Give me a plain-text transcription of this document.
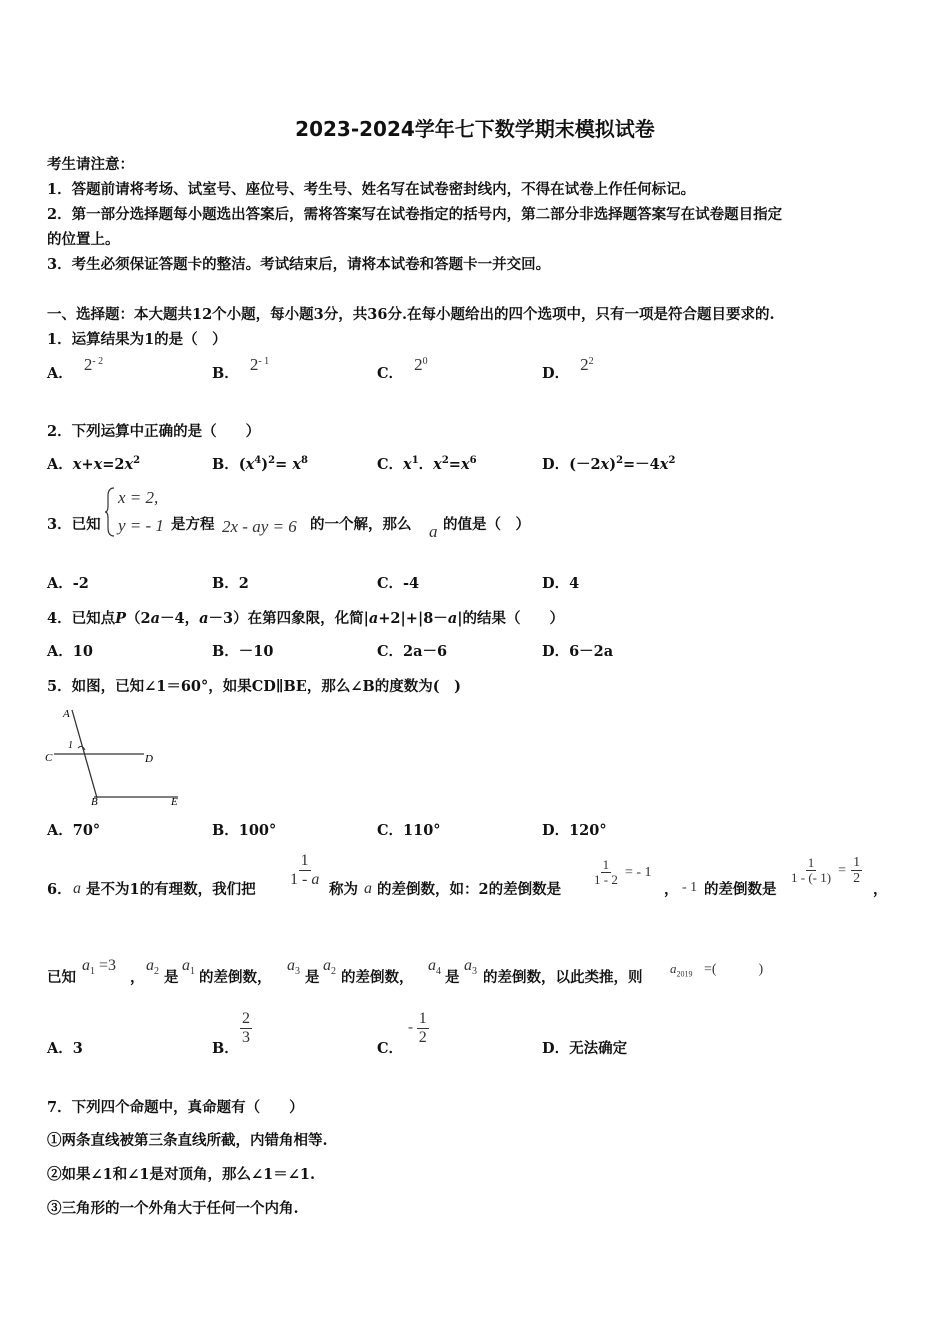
2023-2024学年七下数学期末模拟试卷
考生请注意：
1．答题前请将考场、试室号、座位号、考生号、姓名写在试卷密封线内，不得在试卷上作任何标记。
2．第一部分选择题每小题选出答案后，需将答案写在试卷指定的括号内，第二部分非选择题答案写在试卷题目指定
的位置上。
3．考生必须保证答题卡的整洁。考试结束后，请将本试卷和答题卡一并交回。
一、选择题：本大题共12个小题，每小题3分，共36分.在每小题给出的四个选项中，只有一项是符合题目要求的.
1．运算结果为1的是（　）
A． $2^{- 2}$
B． $2^{- 1}$
C． $2^0$
D． $2^2$
2．下列运算中正确的是（　　）
A．$x+x=2x^2$	B．$(x^4)^2= x^8$	C．$x^1$．$x^2=x^6$	D．$(-2x)^2=-4x^2$
3．已知
x = 2,
y = - 1 是方程 2x - ay = 6 的一个解，那么 a 的值是（　）
A．-2	B．2	C．-4	D．4
4．已知点P（2a－4，a－3）在第四象限，化简|a+2|+|8－a|的结果（　　）
A．10	B．－10	C．2a－6	D．6－2a
5．如图，已知∠1＝60°，如果CD∥BE，那么∠B的度数为(　)
A
1
C	D
B	E
A．70°	B．100°	C．110°	D．120°
6． a 是不为1的有理数，我们把
$\frac{1}{1 - a}$
称为 a 的差倒数，如：2的差倒数是
$\frac{1}{1 - 2}$ = - 1
， - 1 的差倒数是
$\frac{1}{1 - (- 1)} = \frac{1}{2}$
，
已知
$a_1 =3$
，
$a_2$ 是
$a_1$ 的差倒数，
$a_3$ 是
$a_2$ 的差倒数，
$a_4$ 是
$a_3$ 的差倒数，以此类推，则
$a_{2019}$ =(　　　)
A．3	B．
$\frac{2}{3}$
C．
- $\frac{1}{2}$
D．无法确定
7．下列四个命题中，真命题有（　　）
①两条直线被第三条直线所截，内错角相等.
②如果∠1和∠1是对顶角，那么∠1＝∠1.
③三角形的一个外角大于任何一个内角.
